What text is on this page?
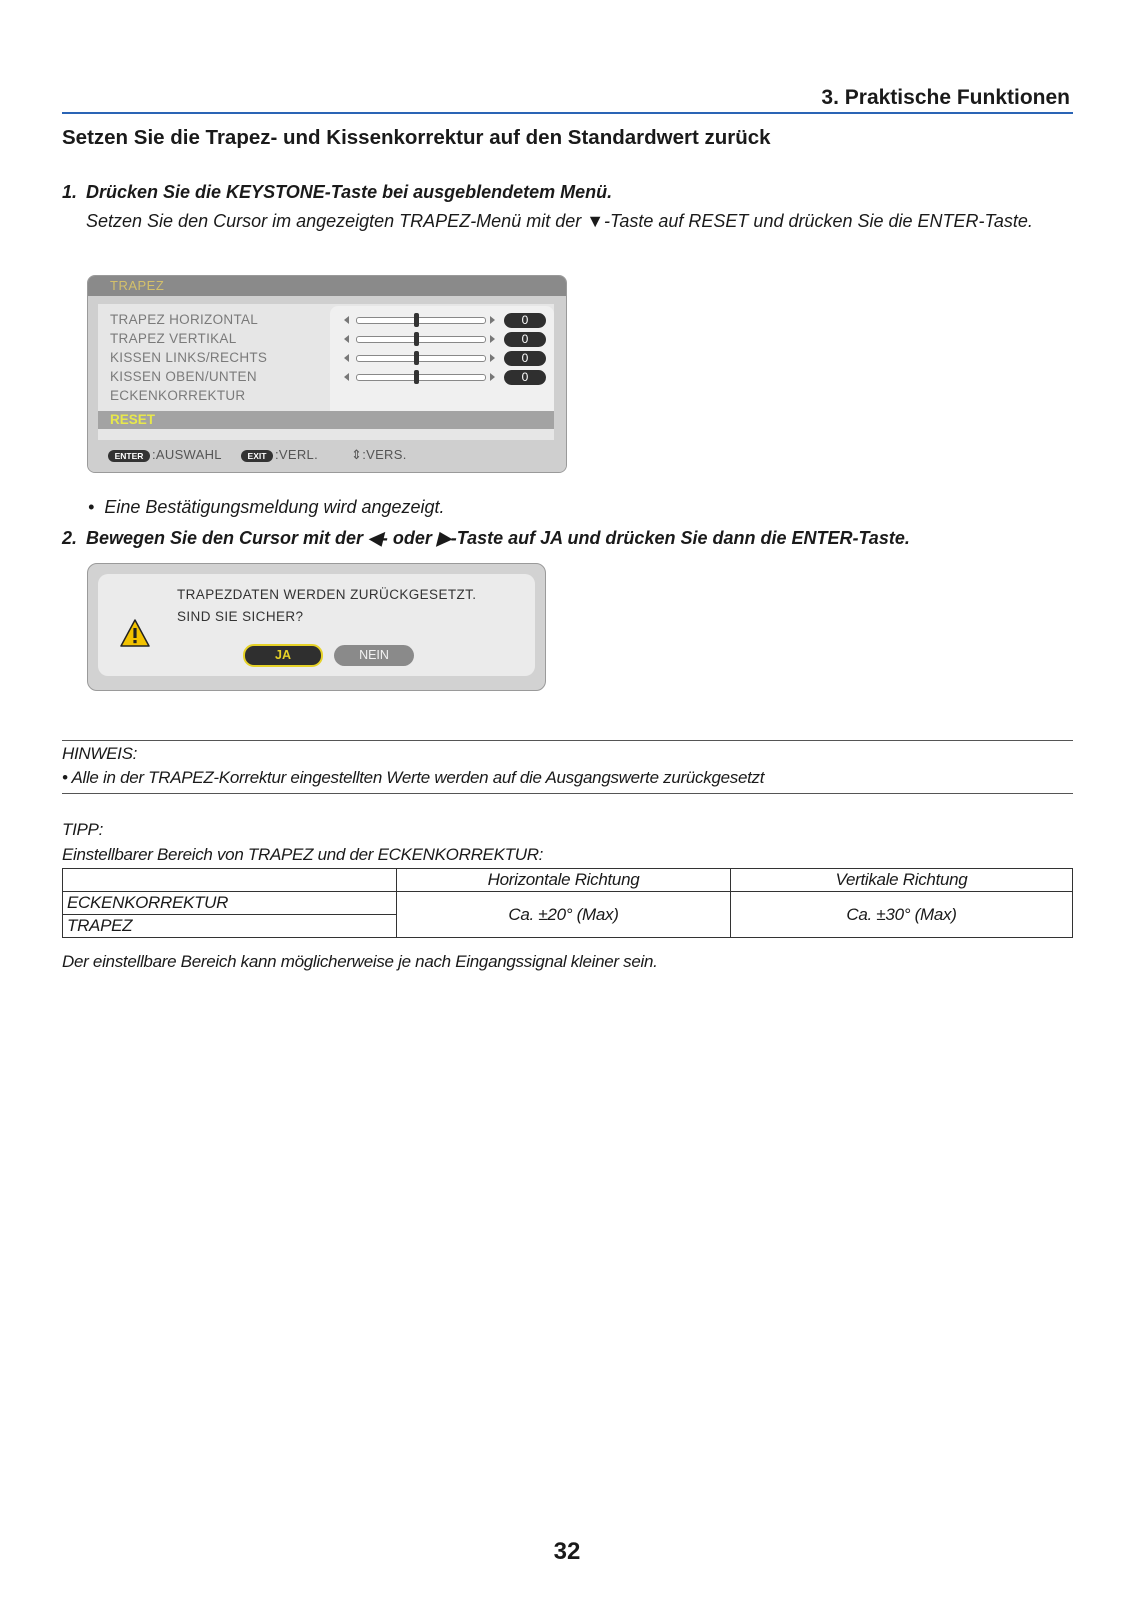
3. Praktische Funktionen
Setzen Sie die Trapez- und Kissenkorrektur auf den Standardwert zurück
1. Drücken Sie die KEYSTONE-Taste bei ausgeblendetem Menü.
Setzen Sie den Cursor im angezeigten TRAPEZ-Menü mit der ▼-Taste auf RESET und drücken Sie die ENTER-Taste.
TRAPEZ
TRAPEZ HORIZONTAL
TRAPEZ VERTIKAL
KISSEN LINKS/RECHTS
KISSEN OBEN/UNTEN
ECKENKORREKTUR
0
0
0
0
RESET
ENTER :AUSWAHL	EXIT :VERL.	⇕:VERS.
•  Eine Bestätigungsmeldung wird angezeigt.
2. Bewegen Sie den Cursor mit der ◀- oder ▶-Taste auf JA und drücken Sie dann die ENTER-Taste.
TRAPEZDATEN WERDEN ZURÜCKGESETZT.
SIND SIE SICHER?
JA	NEIN
HINWEIS:
• Alle in der TRAPEZ-Korrektur eingestellten Werte werden auf die Ausgangswerte zurückgesetzt
TIPP:
Einstellbarer Bereich von TRAPEZ und der ECKENKORREKTUR:
	Horizontale Richtung	Vertikale Richtung
ECKENKORREKTUR	Ca. ±20° (Max)	Ca. ±30° (Max)
TRAPEZ		
Der einstellbare Bereich kann möglicherweise je nach Eingangssignal kleiner sein.
32
